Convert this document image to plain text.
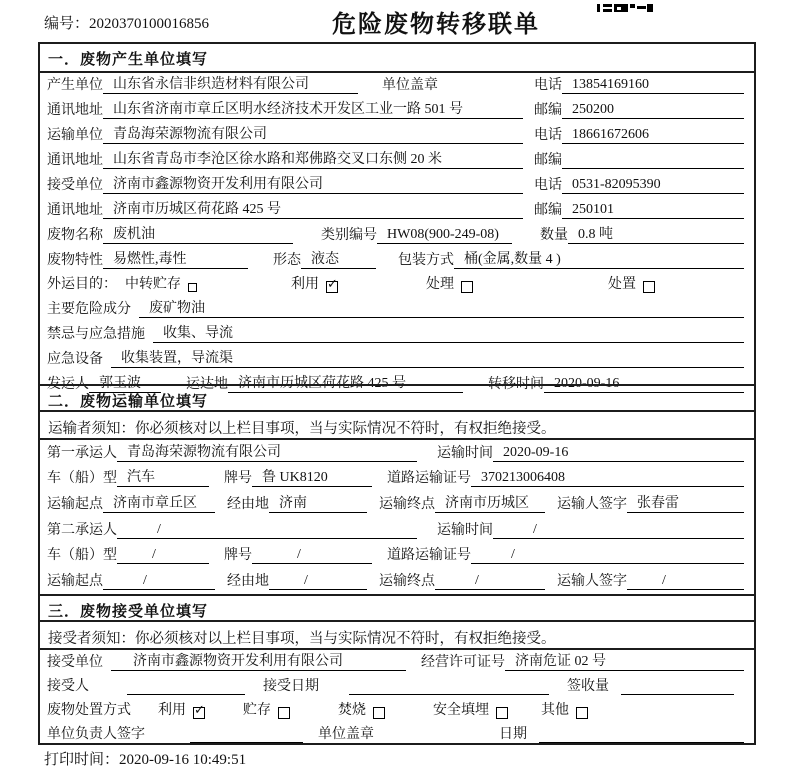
编号：2020370100016856	危险废物转移联单
一．废物产生单位填写
产生单位 山东省永信非织造材料有限公司	单位盖章	电话 13854169160
通讯地址 山东省济南市章丘区明水经济技术开发区工业一路 501 号	邮编 250200
运输单位 青岛海荣源物流有限公司	电话 18661672606
通讯地址 山东省青岛市李沧区徐水路和郑佛路交叉口东侧 20 米	邮编
接受单位 济南市鑫源物资开发利用有限公司	电话 0531-82095390
通讯地址 济南市历城区荷花路 425 号	邮编 250101
废物名称 废机油	类别编号 HW08(900-249-08)	数量 0.8 吨
废物特性 易燃性,毒性	形态 液态	包装方式 桶(金属,数量 4 )
外运目的： 中转贮存	利用 ✓	处理	处置
主要危险成分	废矿物油
禁忌与应急措施	收集、导流
应急设备	收集装置，导流渠
发运人 郭玉波	运达地 济南市历城区荷花路 425 号	转移时间 2020-09-16
二．废物运输单位填写
运输者须知：你必须核对以上栏目事项，当与实际情况不符时，有权拒绝接受。
第一承运人 青岛海荣源物流有限公司	运输时间 2020-09-16
车（船）型 汽车	牌号 鲁 UK8120	道路运输证号 370213006408
运输起点 济南市章丘区	经由地 济南	运输终点 济南市历城区	运输人签字 张春雷
第二承运人	/	运输时间	/
车（船）型	/	牌号	/	道路运输证号	/
运输起点	/	经由地	/	运输终点	/	运输人签字	/
三．废物接受单位填写
接受者须知：你必须核对以上栏目事项，当与实际情况不符时，有权拒绝接受。
接受单位	济南市鑫源物资开发利用有限公司	经营许可证号 济南危证 02 号
接受人	接受日期	签收量
废物处置方式 利用 ✓	贮存	焚烧	安全填埋	其他
单位负责人签字	单位盖章	日期
打印时间：2020-09-16 10:49:51
